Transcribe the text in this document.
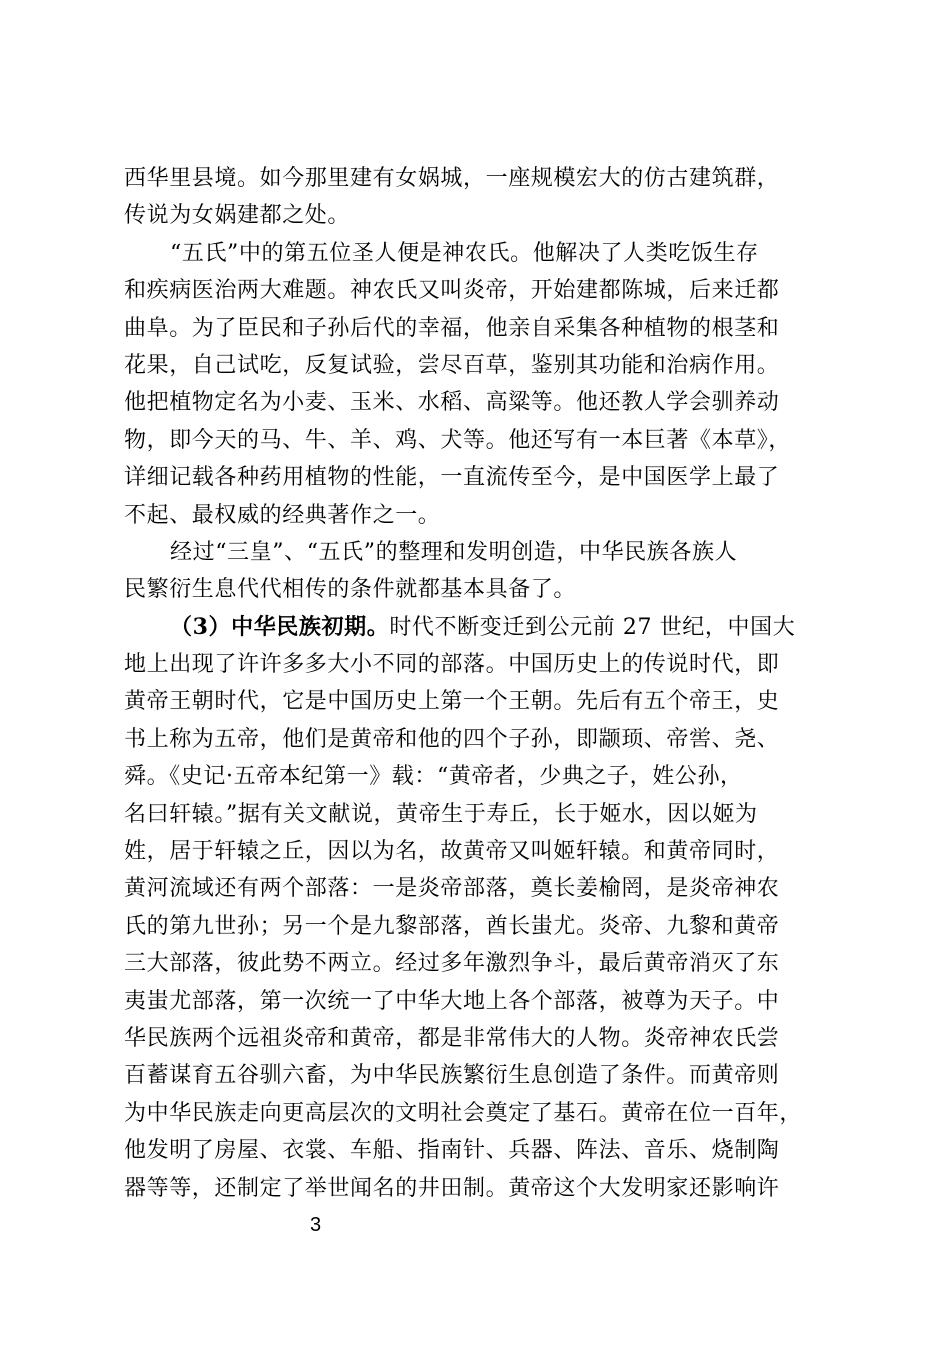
西华里县境。如今那里建有女娲城，一座规模宏大的仿古建筑群，
传说为女娲建都之处。
“五氏”中的第五位圣人便是神农氏。他解决了人类吃饭生存
和疾病医治两大难题。神农氏又叫炎帝，开始建都陈城，后来迁都
曲阜。为了臣民和子孙后代的幸福，他亲自采集各种植物的根茎和
花果，自己试吃，反复试验，尝尽百草，鉴别其功能和治病作用。
他把植物定名为小麦、玉米、水稻、高粱等。他还教人学会驯养动
物，即今天的马、牛、羊、鸡、犬等。他还写有一本巨著《本草》，
详细记载各种药用植物的性能，一直流传至今，是中国医学上最了
不起、最权威的经典著作之一。
经过“三皇”、“五氏”的整理和发明创造，中华民族各族人
民繁衍生息代代相传的条件就都基本具备了。
（3）中华民族初期。时代不断变迁到公元前 27 世纪，中国大
地上出现了许许多多大小不同的部落。中国历史上的传说时代，即
黄帝王朝时代，它是中国历史上第一个王朝。先后有五个帝王，史
书上称为五帝，他们是黄帝和他的四个子孙，即颛顼、帝喾、尧、
舜。《史记·五帝本纪第一》载：“黄帝者，少典之子，姓公孙，
名曰轩辕。”据有关文献说，黄帝生于寿丘，长于姬水，因以姬为
姓，居于轩辕之丘，因以为名，故黄帝又叫姬轩辕。和黄帝同时，
黄河流域还有两个部落：一是炎帝部落，奠长姜榆罔，是炎帝神农
氏的第九世孙；另一个是九黎部落，酋长蚩尤。炎帝、九黎和黄帝
三大部落，彼此势不两立。经过多年激烈争斗，最后黄帝消灭了东
夷蚩尤部落，第一次统一了中华大地上各个部落，被尊为天子。中
华民族两个远祖炎帝和黄帝，都是非常伟大的人物。炎帝神农氏尝
百蓄谋育五谷驯六畜，为中华民族繁衍生息创造了条件。而黄帝则
为中华民族走向更高层次的文明社会奠定了基石。黄帝在位一百年，
他发明了房屋、衣裳、车船、指南针、兵器、阵法、音乐、烧制陶
器等等，还制定了举世闻名的井田制。黄帝这个大发明家还影响许
3
